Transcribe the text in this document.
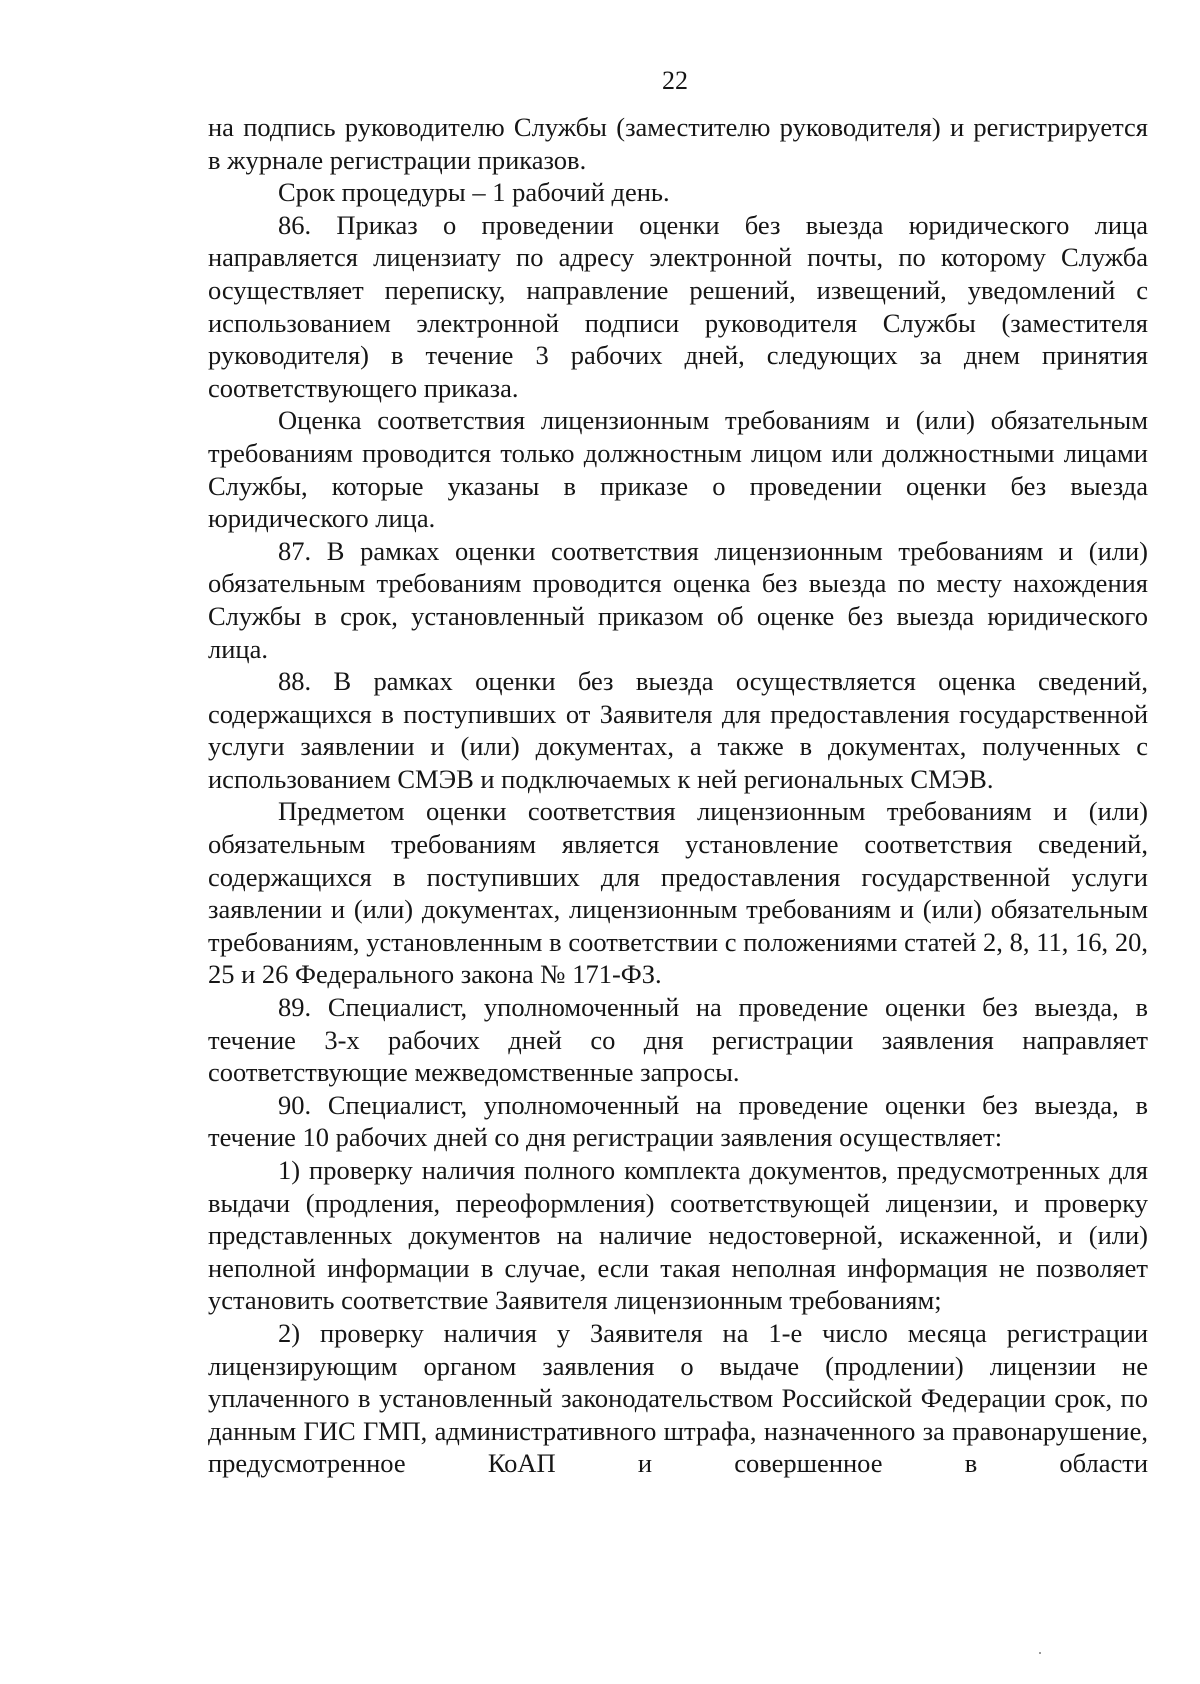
22

на подпись руководителю Службы (заместителю руководителя) и регистрируется в журнале регистрации приказов.

Срок процедуры – 1 рабочий день.

86. Приказ о проведении оценки без выезда юридического лица направляется лицензиату по адресу электронной почты, по которому Служба осуществляет переписку, направление решений, извещений, уведомлений с использованием электронной подписи руководителя Службы (заместителя руководителя) в течение 3 рабочих дней, следующих за днем принятия соответствующего приказа.

Оценка соответствия лицензионным требованиям и (или) обязательным требованиям проводится только должностным лицом или должностными лицами Службы, которые указаны в приказе о проведении оценки без выезда юридического лица.

87. В рамках оценки соответствия лицензионным требованиям и (или) обязательным требованиям проводится оценка без выезда по месту нахождения Службы в срок, установленный приказом об оценке без выезда юридического лица.

88. В рамках оценки без выезда осуществляется оценка сведений, содержащихся в поступивших от Заявителя для предоставления государственной услуги заявлении и (или) документах, а также в документах, полученных с использованием СМЭВ и подключаемых к ней региональных СМЭВ.

Предметом оценки соответствия лицензионным требованиям и (или) обязательным требованиям является установление соответствия сведений, содержащихся в поступивших для предоставления государственной услуги заявлении и (или) документах, лицензионным требованиям и (или) обязательным требованиям, установленным в соответствии с положениями статей 2, 8, 11, 16, 20, 25 и 26 Федерального закона № 171-ФЗ.

89. Специалист, уполномоченный на проведение оценки без выезда, в течение 3-х рабочих дней со дня регистрации заявления направляет соответствующие межведомственные запросы.

90. Специалист, уполномоченный на проведение оценки без выезда, в течение 10 рабочих дней со дня регистрации заявления осуществляет:

1) проверку наличия полного комплекта документов, предусмотренных для выдачи (продления, переоформления) соответствующей лицензии, и проверку представленных документов на наличие недостоверной, искаженной, и (или) неполной информации в случае, если такая неполная информация не позволяет установить соответствие Заявителя лицензионным требованиям;

2) проверку наличия у Заявителя на 1-е число месяца регистрации лицензирующим органом заявления о выдаче (продлении) лицензии не уплаченного в установленный законодательством Российской Федерации срок, по данным ГИС ГМП, административного штрафа, назначенного за правонарушение, предусмотренное КоАП и совершенное в области
